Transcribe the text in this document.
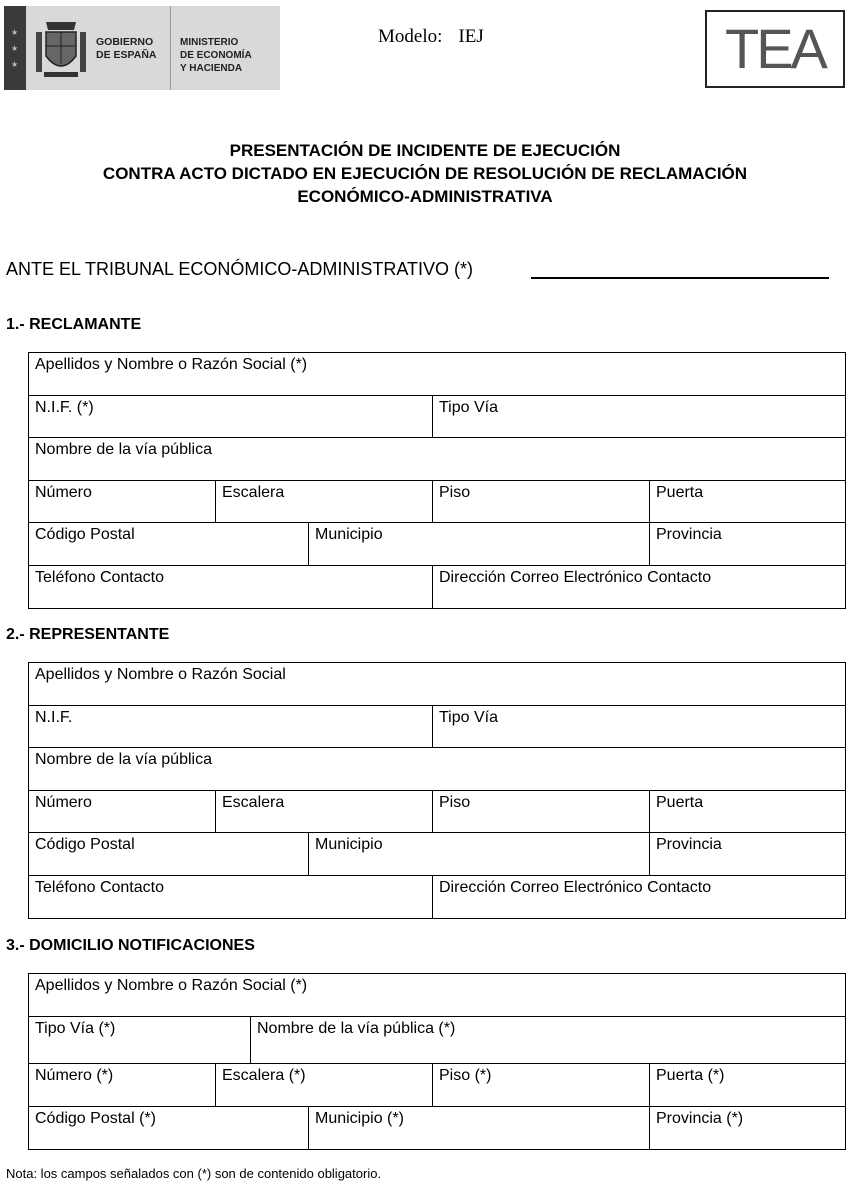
★
★
★
GOBIERNO
DE ESPAÑA
MINISTERIO
DE ECONOMÍA
Y HACIENDA
Modelo: IEJ	TEA
PRESENTACIÓN DE INCIDENTE DE EJECUCIÓN
CONTRA ACTO DICTADO EN EJECUCIÓN DE RESOLUCIÓN DE RECLAMACIÓN
ECONÓMICO-ADMINISTRATIVA
ANTE EL TRIBUNAL ECONÓMICO-ADMINISTRATIVO (*)
1.- RECLAMANTE
Apellidos y Nombre o Razón Social (*)
N.I.F. (*)	Tipo Vía
Nombre de la vía pública
Número	Escalera	Piso	Puerta
Código Postal	Municipio	Provincia
Teléfono Contacto	Dirección Correo Electrónico Contacto
2.- REPRESENTANTE
Apellidos y Nombre o Razón Social
N.I.F.	Tipo Vía
Nombre de la vía pública
Número	Escalera	Piso	Puerta
Código Postal	Municipio	Provincia
Teléfono Contacto	Dirección Correo Electrónico Contacto
3.- DOMICILIO NOTIFICACIONES
Apellidos y Nombre o Razón Social (*)
Tipo Vía (*)	Nombre de la vía pública (*)
Número (*)	Escalera (*)	Piso (*)	Puerta (*)
Código Postal (*)	Municipio (*)	Provincia (*)
Nota: los campos señalados con (*) son de contenido obligatorio.
